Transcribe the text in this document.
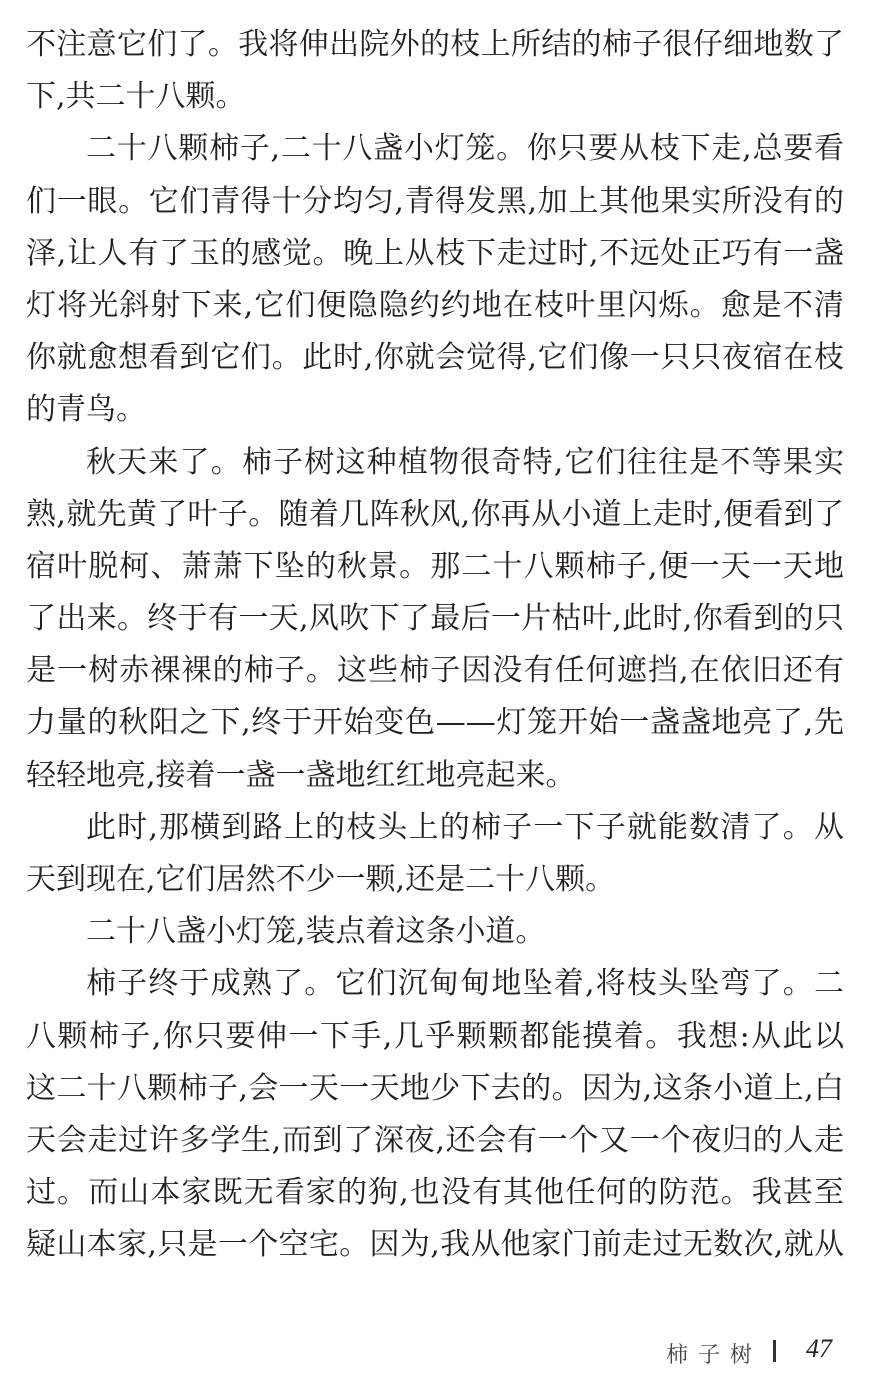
不注意它们了。我将伸出院外的枝上所结的柿子很仔细地数了
下,共二十八颗。
二十八颗柿子,二十八盏小灯笼。你只要从枝下走,总要看
们一眼。它们青得十分均匀,青得发黑,加上其他果实所没有的
泽,让人有了玉的感觉。晚上从枝下走过时,不远处正巧有一盏
灯将光斜射下来,它们便隐隐约约地在枝叶里闪烁。愈是不清
你就愈想看到它们。此时,你就会觉得,它们像一只只夜宿在枝
的青鸟。
秋天来了。柿子树这种植物很奇特,它们往往是不等果实
熟,就先黄了叶子。随着几阵秋风,你再从小道上走时,便看到了
宿叶脱柯、萧萧下坠的秋景。那二十八颗柿子,便一天一天地
了出来。终于有一天,风吹下了最后一片枯叶,此时,你看到的只
是一树赤裸裸的柿子。这些柿子因没有任何遮挡,在依旧还有
力量的秋阳之下,终于开始变色——灯笼开始一盏盏地亮了,先
轻轻地亮,接着一盏一盏地红红地亮起来。
此时,那横到路上的枝头上的柿子一下子就能数清了。从
天到现在,它们居然不少一颗,还是二十八颗。
二十八盏小灯笼,装点着这条小道。
柿子终于成熟了。它们沉甸甸地坠着,将枝头坠弯了。二
八颗柿子,你只要伸一下手,几乎颗颗都能摸着。我想:从此以
这二十八颗柿子,会一天一天地少下去的。因为,这条小道上,白
天会走过许多学生,而到了深夜,还会有一个又一个夜归的人走
过。而山本家既无看家的狗,也没有其他任何的防范。我甚至
疑山本家,只是一个空宅。因为,我从他家门前走过无数次,就从
柿子树 47
